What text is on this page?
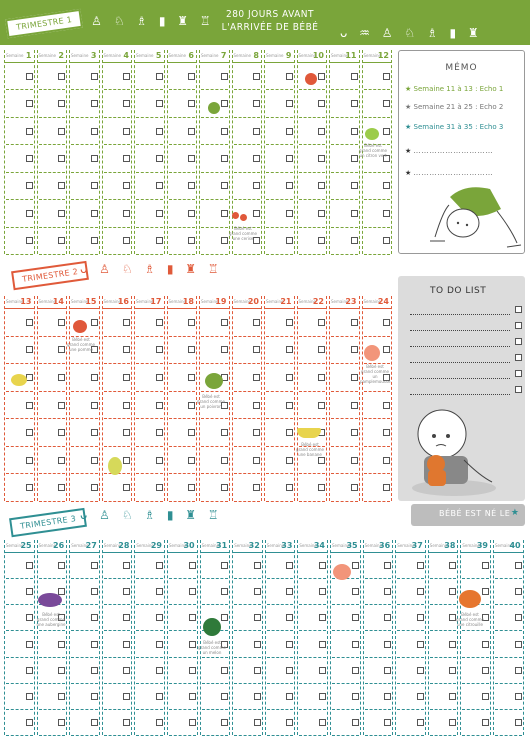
TRIMESTRE 1 ᴗ ♙ ♘ ♗ ▮ ♜ ♖	280 JOURS AVANT
L'ARRIVÉE DE BÉBÉ	ᴗ ♒ ♙ ♘ ♗ ▮ ♜
Semaine 1 Semaine 2 Semaine 3 Semaine 4 Semaine 5 Semaine 6 Semaine 7 Semaine 8 Semaine 9 Semaine
10 Semaine
11 Semaine
12
TRIMESTRE 2 ᴗ ♙ ♘ ♗ ▮ ♜ ♖
Semaine
13 Semaine
14 Semaine
15 Semaine
16 Semaine
17 Semaine
18 Semaine
19 Semaine
20 Semaine
21 Semaine
22 Semaine
23 Semaine
24
TRIMESTRE 3 ᴗ ♙ ♘ ♗ ▮ ♜ ♖
Semaine
25 Semaine
26 Semaine
27 Semaine
28 Semaine
29 Semaine
30 Semaine
31 Semaine
32 Semaine
33 Semaine
34 Semaine
35 Semaine
36 Semaine
37 Semaine
38 Semaine
39 Semaine
40
MÉMO
★ Semaine 11 à 13 : Echo 1
★ Semaine 21 à 25 : Echo 2
★ Semaine 31 à 35 : Echo 3
★ …………………………
★ …………………………
TO DO LIST
BÉBÉ EST NÉ LE ★
Bébé est grand comme une cerise
Bébé est grand comme un citron vert
Bébé est grand comme une pomme
Bébé est grand comme un poivron
Bébé est grand comme une aubergine
Bébé est grand comme un melon
Bébé est grand comme une citrouille
Bébé est grand comme un pamplemousse
Bébé est grand comme une banane
